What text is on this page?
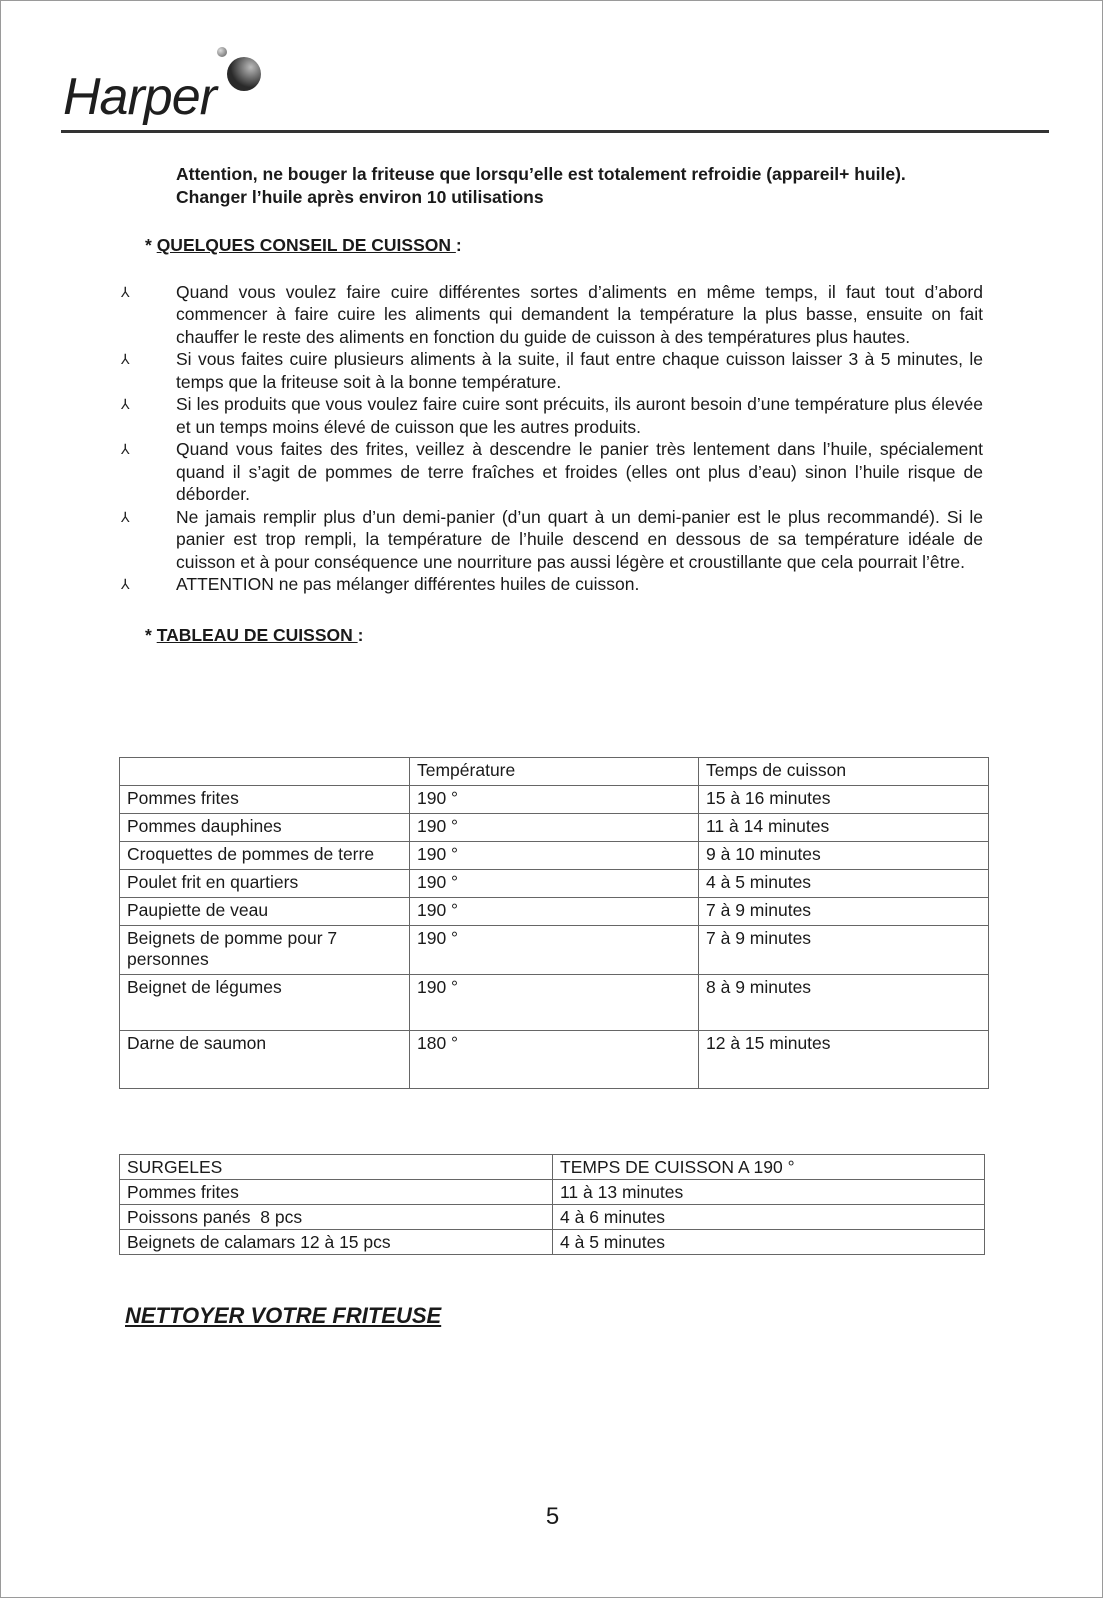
Harper
Attention, ne bouger la friteuse que lorsqu’elle est totalement refroidie (appareil+ huile).
Changer l’huile après environ 10 utilisations
* QUELQUES CONSEIL DE CUISSON :
⅄	Quand vous voulez faire cuire différentes sortes d’aliments en même temps, il faut tout d’abord commencer à faire cuire les aliments qui demandent la température la plus basse, ensuite on fait chauffer le reste des aliments en fonction du guide de cuisson à des températures plus hautes.
⅄	Si vous faites cuire plusieurs aliments à la suite, il faut entre chaque cuisson laisser 3 à 5 minutes, le temps que la friteuse soit à la bonne température.
⅄	Si les produits que vous voulez faire cuire sont précuits, ils auront besoin d’une température plus élevée et un temps moins élevé de cuisson que les autres produits.
⅄	Quand vous faites des frites, veillez à descendre le panier très lentement dans l’huile, spécialement quand il s’agit de pommes de terre fraîches et froides (elles ont plus d’eau) sinon l’huile risque de déborder.
⅄	Ne jamais remplir plus d’un demi-panier (d’un quart à un demi-panier est le plus recommandé). Si le panier est trop rempli, la température de l’huile descend en dessous de sa température idéale de cuisson et à pour conséquence une nourriture pas aussi légère et croustillante que cela pourrait l’être.
⅄	ATTENTION ne pas mélanger différentes huiles de cuisson.
* TABLEAU DE CUISSON :
	Température	Temps de cuisson
Pommes frites	190 °	15 à 16 minutes
Pommes dauphines	190 °	11 à 14 minutes
Croquettes de pommes de terre	190 °	9 à 10 minutes
Poulet frit en quartiers	190 °	4 à 5 minutes
Paupiette de veau	190 °	7 à 9 minutes
Beignets de pomme pour 7 personnes	190 °	7 à 9 minutes
Beignet de légumes	190 °	8 à 9 minutes
Darne de saumon	180 °	12 à 15 minutes
SURGELES	TEMPS DE CUISSON A 190 °
Pommes frites	11 à 13 minutes
Poissons panés  8 pcs	4 à 6 minutes
Beignets de calamars 12 à 15 pcs	4 à 5 minutes
NETTOYER VOTRE FRITEUSE
5
